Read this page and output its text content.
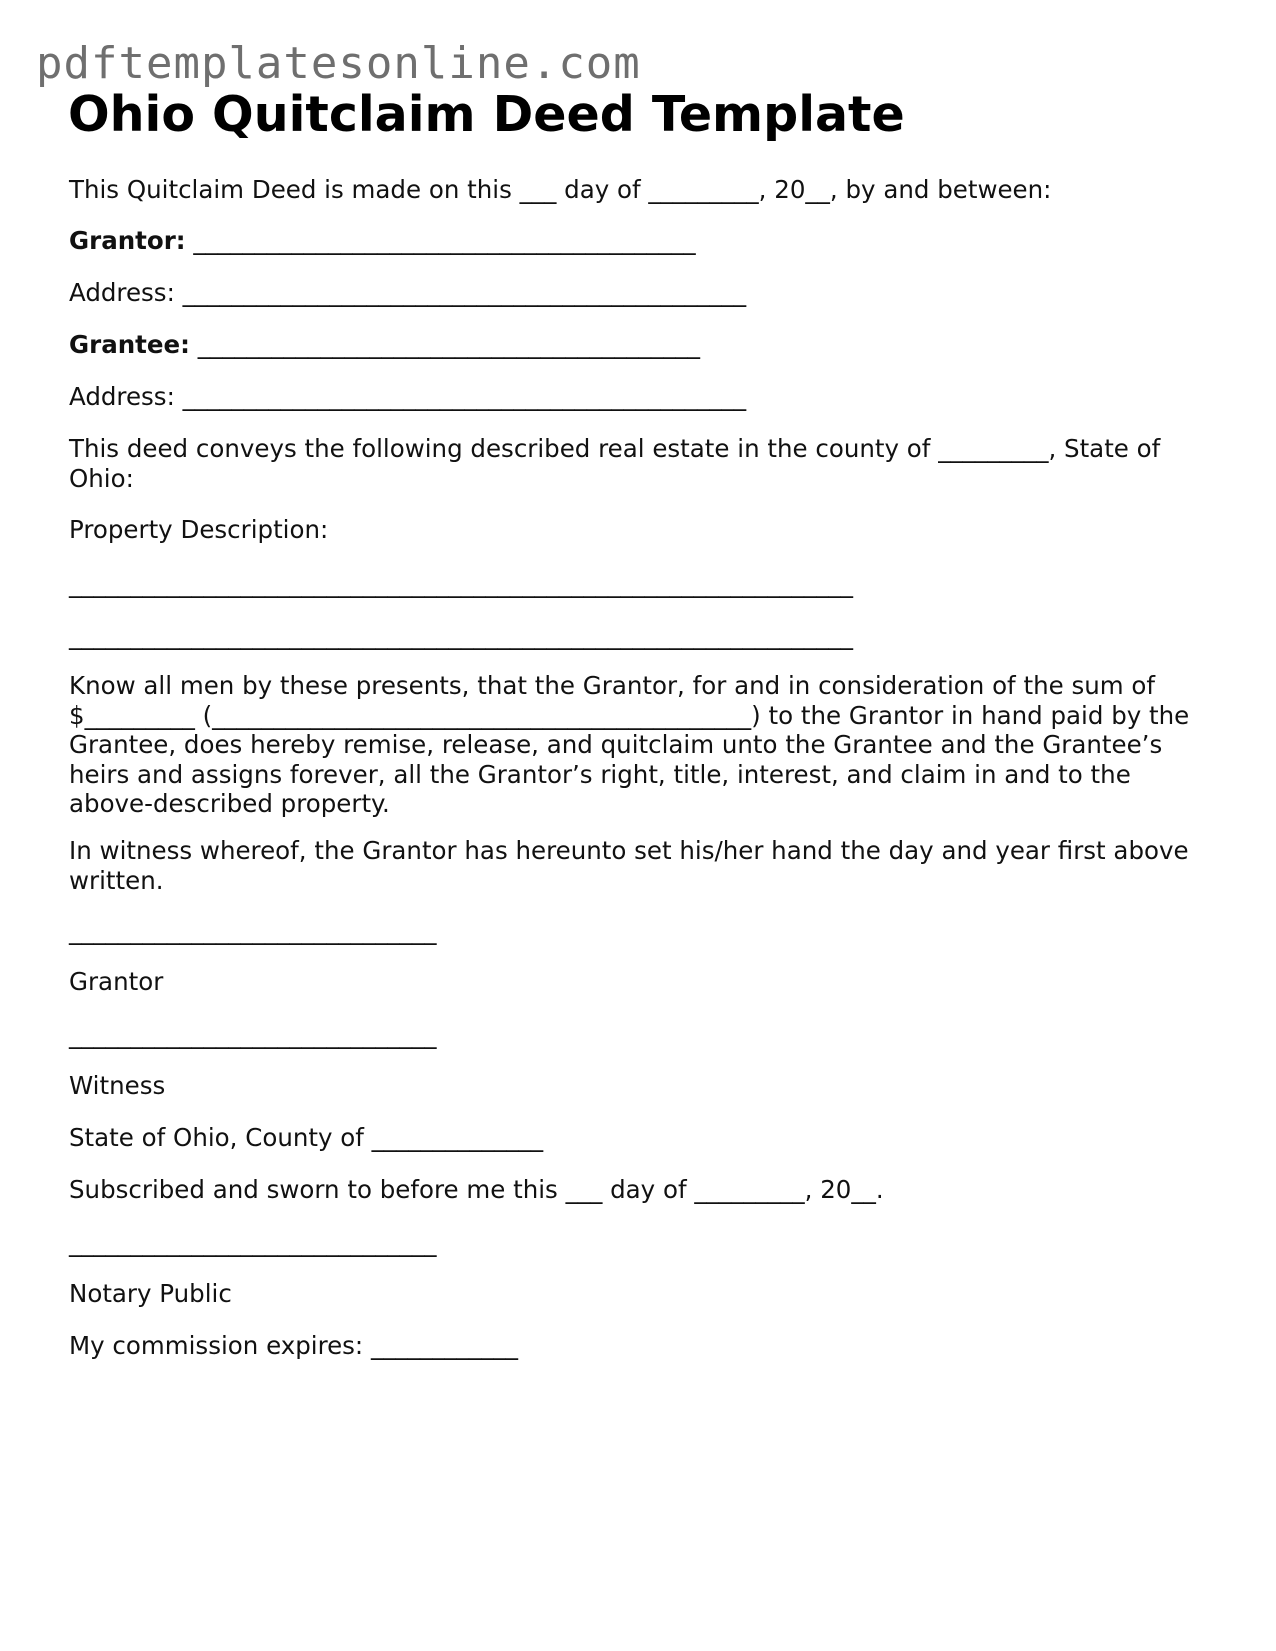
pdftemplatesonline.com
Ohio Quitclaim Deed Template

This Quitclaim Deed is made on this ___ day of _________, 20__, by and between:

Grantor: _________________________________________

Address: ______________________________________________

Grantee: _________________________________________

Address: ______________________________________________

This deed conveys the following described real estate in the county of _________, State of Ohio:

Property Description:

________________________________________________________________

________________________________________________________________

Know all men by these presents, that the Grantor, for and in consideration of the sum of $_________ (____________________________________________) to the Grantor in hand paid by the Grantee, does hereby remise, release, and quitclaim unto the Grantee and the Grantee’s heirs and assigns forever, all the Grantor’s right, title, interest, and claim in and to the above-described property.

In witness whereof, the Grantor has hereunto set his/her hand the day and year first above written.

______________________________

Grantor

______________________________

Witness

State of Ohio, County of ______________

Subscribed and sworn to before me this ___ day of _________, 20__.

______________________________

Notary Public

My commission expires: ____________
